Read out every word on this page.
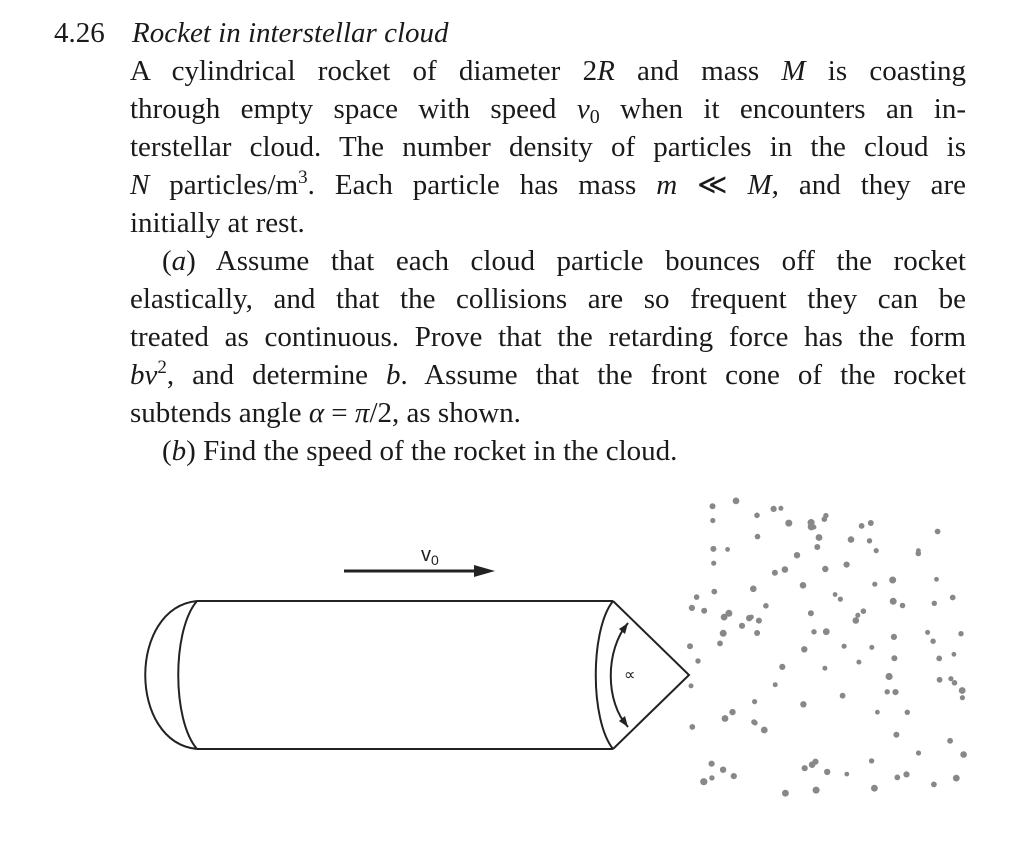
4.26 Rocket in interstellar cloud
A cylindrical rocket of diameter 2R and mass M is coasting
through empty space with speed $v_0$ when it encounters an in-
terstellar cloud. The number density of particles in the cloud is
N particles/$m^3$. Each particle has mass m ≪ M, and they are
initially at rest.
(a) Assume that each cloud particle bounces off the rocket
elastically, and that the collisions are so frequent they can be
treated as continuous. Prove that the retarding force has the form
$bv^2$, and determine b. Assume that the front cone of the rocket
subtends angle α = π/2, as shown.
(b) Find the speed of the rocket in the cloud.
$v_0$
∝
